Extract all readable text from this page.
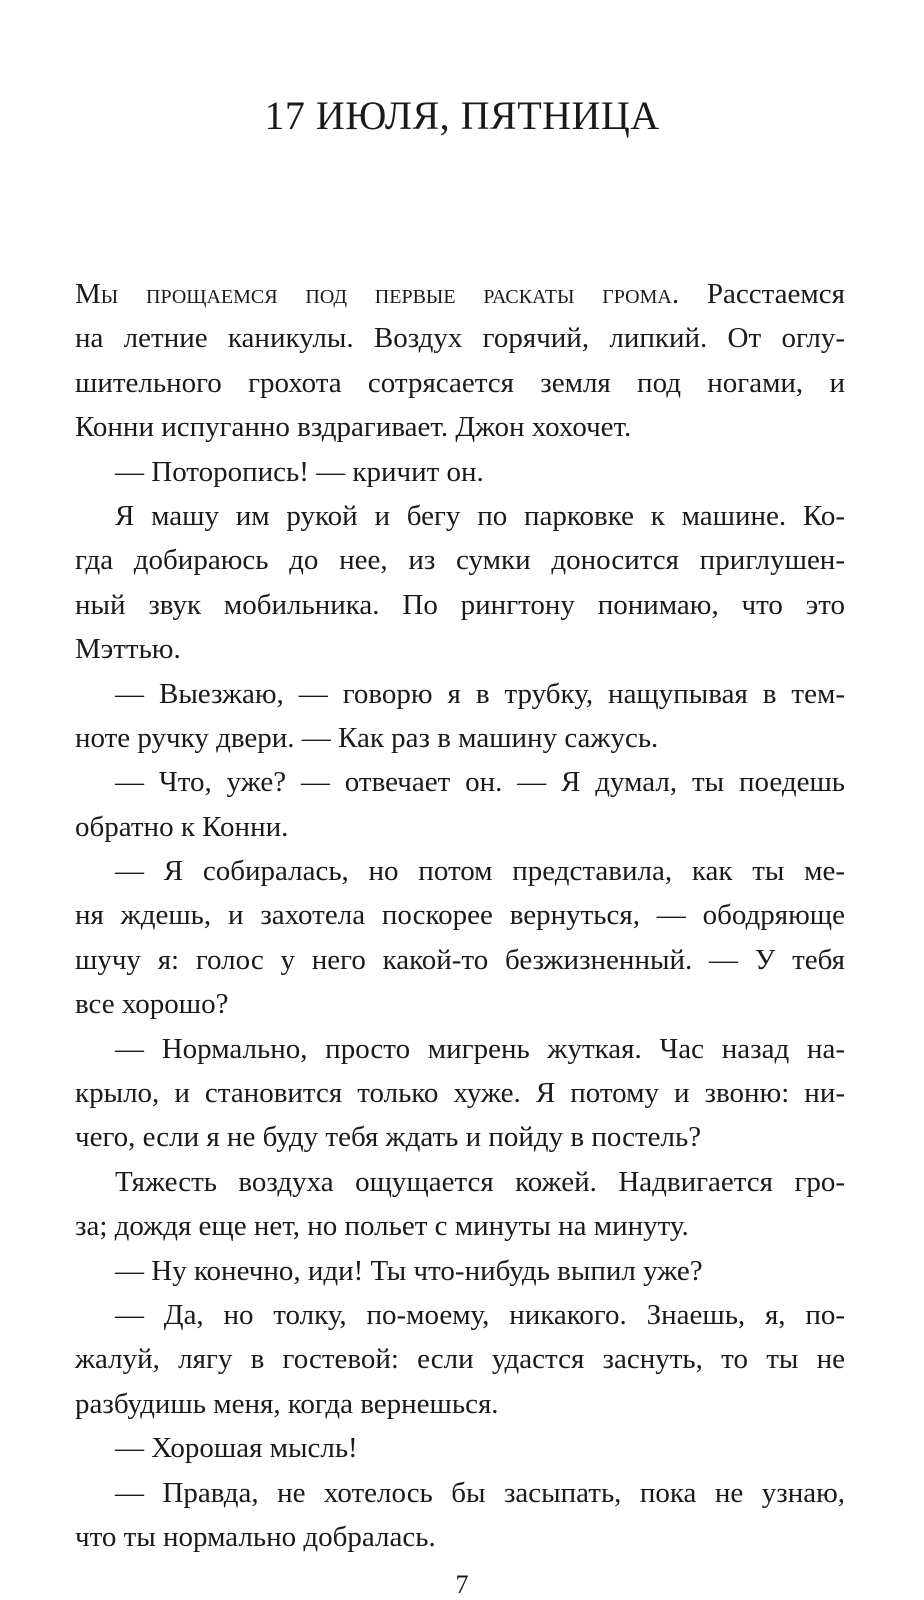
17 ИЮЛЯ, ПЯТНИЦА
Мы прощаемся под первые раскаты грома. Расстаемся
на летние каникулы. Воздух горячий, липкий. От оглу-
шительного грохота сотрясается земля под ногами, и
Конни испуганно вздрагивает. Джон хохочет.
— Поторопись! — кричит он.
Я машу им рукой и бегу по парковке к машине. Ко-
гда добираюсь до нее, из сумки доносится приглушен-
ный звук мобильника. По рингтону понимаю, что это
Мэттью.
— Выезжаю, — говорю я в трубку, нащупывая в тем-
ноте ручку двери. — Как раз в машину сажусь.
— Что, уже? — отвечает он. — Я думал, ты поедешь
обратно к Конни.
— Я собиралась, но потом представила, как ты ме-
ня ждешь, и захотела поскорее вернуться, — ободряюще
шучу я: голос у него какой-то безжизненный. — У тебя
все хорошо?
— Нормально, просто мигрень жуткая. Час назад на-
крыло, и становится только хуже. Я потому и звоню: ни-
чего, если я не буду тебя ждать и пойду в постель?
Тяжесть воздуха ощущается кожей. Надвигается гро-
за; дождя еще нет, но польет с минуты на минуту.
— Ну конечно, иди! Ты что-нибудь выпил уже?
— Да, но толку, по-моему, никакого. Знаешь, я, по-
жалуй, лягу в гостевой: если удастся заснуть, то ты не
разбудишь меня, когда вернешься.
— Хорошая мысль!
— Правда, не хотелось бы засыпать, пока не узнаю,
что ты нормально добралась.
7
